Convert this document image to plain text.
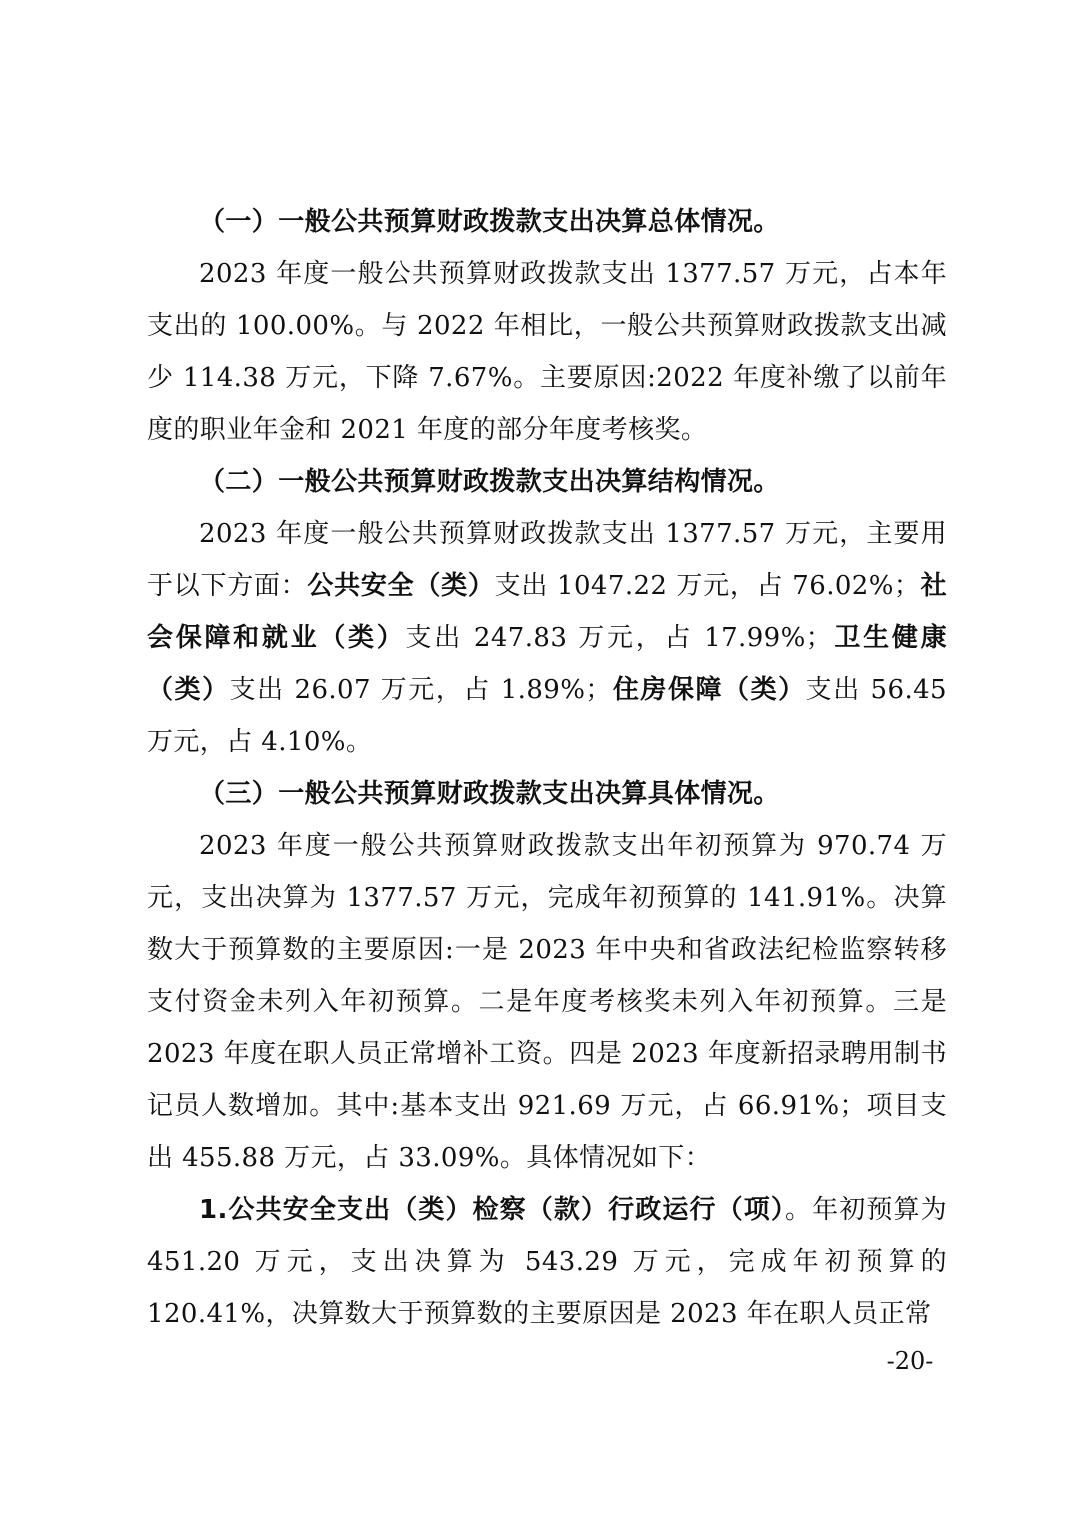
（一）一般公共预算财政拨款支出决算总体情况。

2023 年度一般公共预算财政拨款支出 1377.57 万元，占本年支出的 100.00%。与 2022 年相比，一般公共预算财政拨款支出减少 114.38 万元，下降 7.67%。主要原因:2022 年度补缴了以前年度的职业年金和 2021 年度的部分年度考核奖。

（二）一般公共预算财政拨款支出决算结构情况。

2023 年度一般公共预算财政拨款支出 1377.57 万元，主要用于以下方面：公共安全（类）支出 1047.22 万元，占 76.02%；社会保障和就业（类）支出 247.83 万元，占 17.99%；卫生健康（类）支出 26.07 万元，占 1.89%；住房保障（类）支出 56.45 万元，占 4.10%。

（三）一般公共预算财政拨款支出决算具体情况。

2023 年度一般公共预算财政拨款支出年初预算为 970.74 万元，支出决算为 1377.57 万元，完成年初预算的 141.91%。决算数大于预算数的主要原因:一是 2023 年中央和省政法纪检监察转移支付资金未列入年初预算。二是年度考核奖未列入年初预算。三是 2023 年度在职人员正常增补工资。四是 2023 年度新招录聘用制书记员人数增加。其中:基本支出 921.69 万元，占 66.91%；项目支出 455.88 万元，占 33.09%。具体情况如下：

1.公共安全支出（类）检察（款）行政运行（项）。年初预算为 451.20 万元，支出决算为 543.29 万元，完成年初预算的 120.41%，决算数大于预算数的主要原因是 2023 年在职人员正常

-20-
